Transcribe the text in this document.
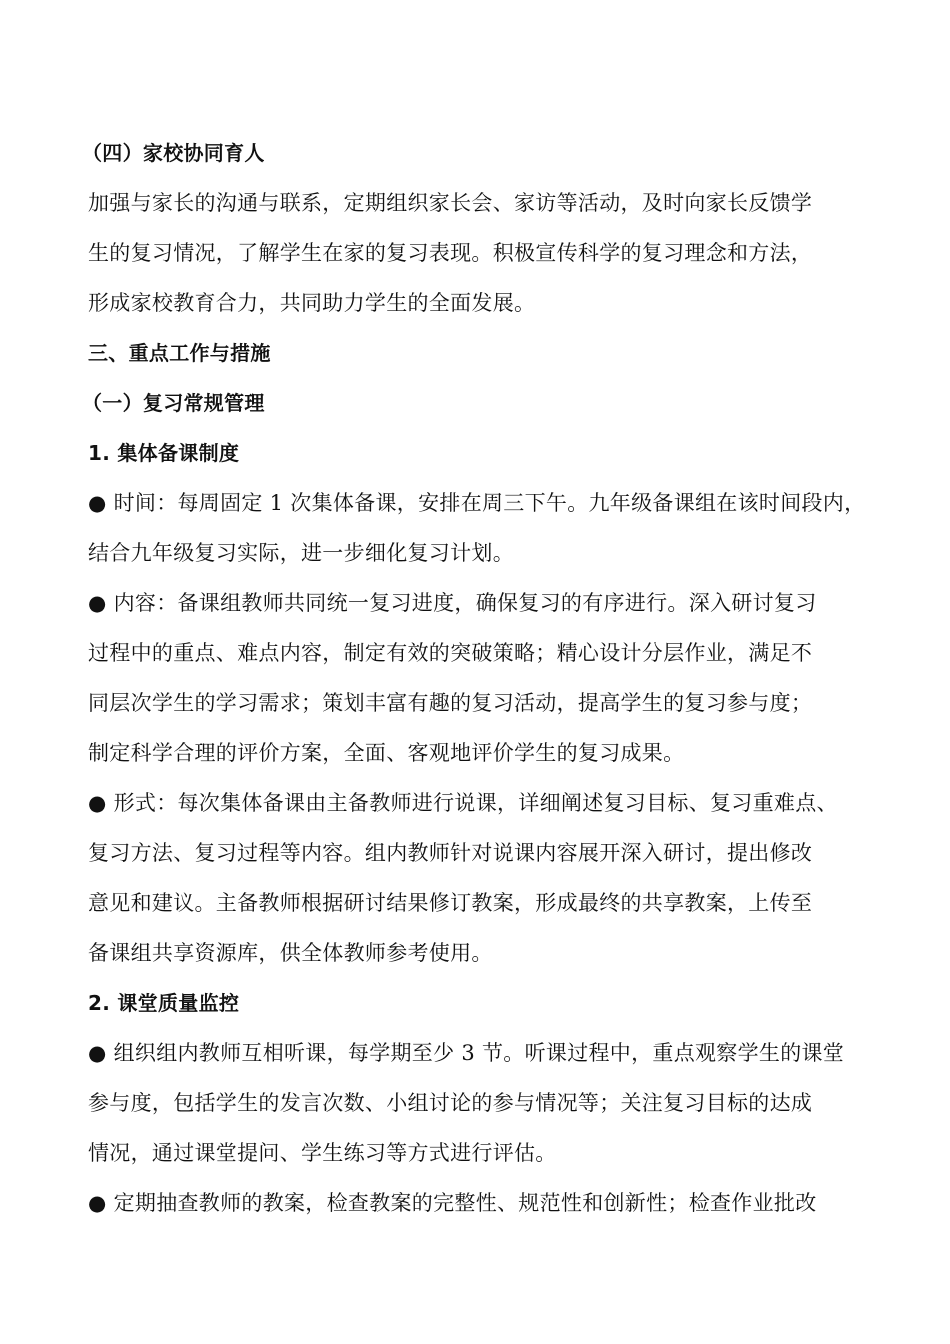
（四）家校协同育人
加强与家长的沟通与联系，定期组织家长会、家访等活动，及时向家长反馈学
生的复习情况，了解学生在家的复习表现。积极宣传科学的复习理念和方法，
形成家校教育合力，共同助力学生的全面发展。
三、重点工作与措施
（一）复习常规管理
1. 集体备课制度
● 时间：每周固定 1 次集体备课，安排在周三下午。九年级备课组在该时间段内，
结合九年级复习实际，进一步细化复习计划。
● 内容：备课组教师共同统一复习进度，确保复习的有序进行。深入研讨复习
过程中的重点、难点内容，制定有效的突破策略；精心设计分层作业，满足不
同层次学生的学习需求；策划丰富有趣的复习活动，提高学生的复习参与度；
制定科学合理的评价方案，全面、客观地评价学生的复习成果。
● 形式：每次集体备课由主备教师进行说课，详细阐述复习目标、复习重难点、
复习方法、复习过程等内容。组内教师针对说课内容展开深入研讨，提出修改
意见和建议。主备教师根据研讨结果修订教案，形成最终的共享教案，上传至
备课组共享资源库，供全体教师参考使用。
2. 课堂质量监控
● 组织组内教师互相听课，每学期至少 3 节。听课过程中，重点观察学生的课堂
参与度，包括学生的发言次数、小组讨论的参与情况等；关注复习目标的达成
情况，通过课堂提问、学生练习等方式进行评估。
● 定期抽查教师的教案，检查教案的完整性、规范性和创新性；检查作业批改
